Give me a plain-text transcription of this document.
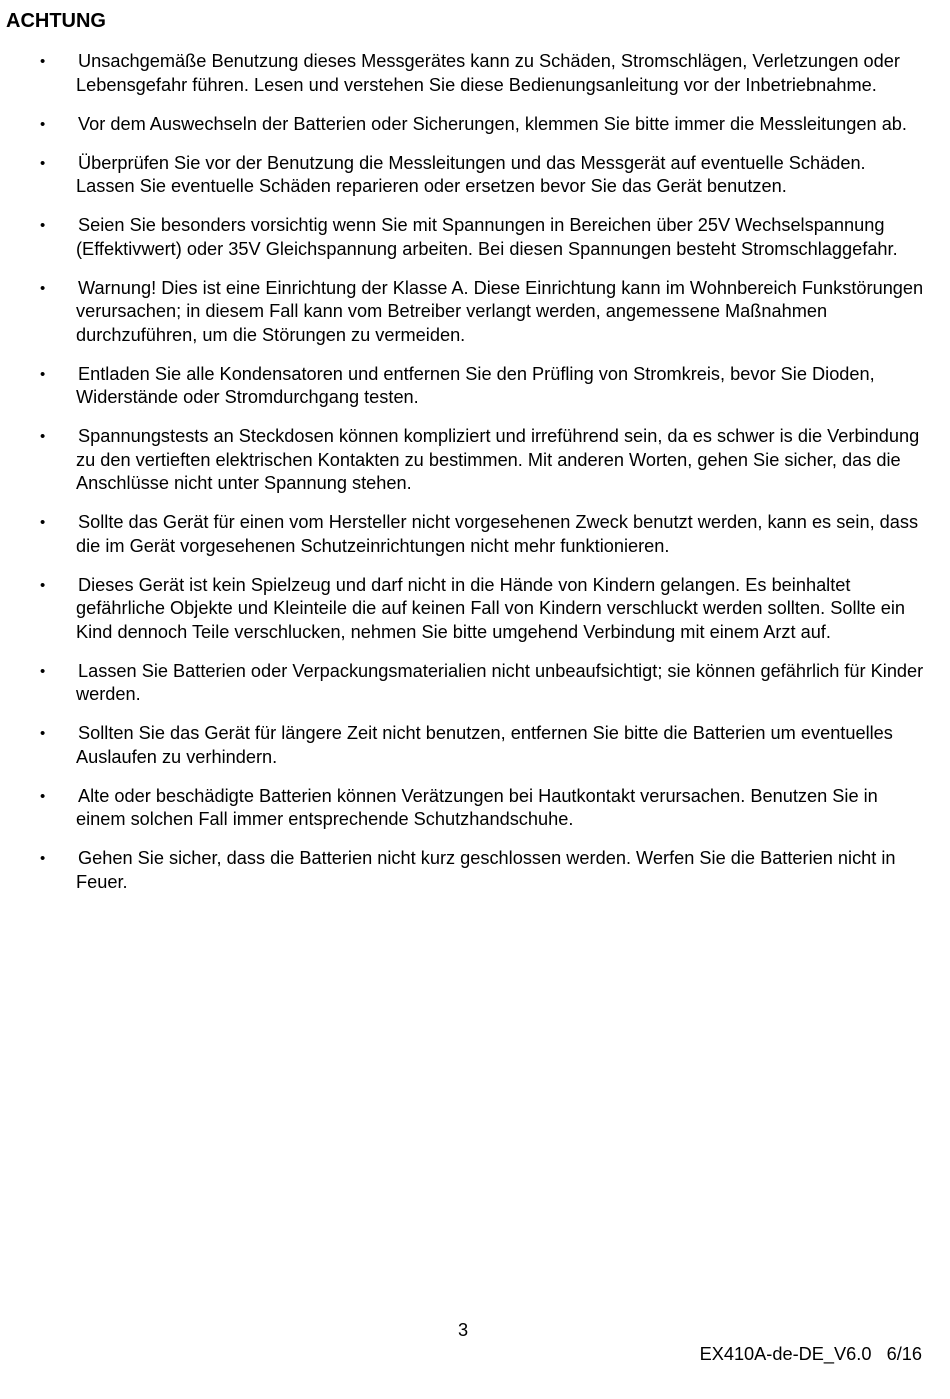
ACHTUNG
• Unsachgemäße Benutzung dieses Messgerätes kann zu Schäden, Stromschlägen, Verletzungen oder Lebensgefahr führen. Lesen und verstehen Sie diese Bedienungsanleitung vor der Inbetriebnahme.
• Vor dem Auswechseln der Batterien oder Sicherungen, klemmen Sie bitte immer die Messleitungen ab.
• Überprüfen Sie vor der Benutzung die Messleitungen und das Messgerät auf eventuelle Schäden. Lassen Sie eventuelle Schäden reparieren oder ersetzen bevor Sie das Gerät benutzen.
• Seien Sie besonders vorsichtig wenn Sie mit Spannungen in Bereichen über 25V Wechselspannung (Effektivwert) oder 35V Gleichspannung arbeiten. Bei diesen Spannungen besteht Stromschlaggefahr.
• Warnung! Dies ist eine Einrichtung der Klasse A. Diese Einrichtung kann im Wohnbereich Funkstörungen verursachen; in diesem Fall kann vom Betreiber verlangt werden, angemessene Maßnahmen durchzuführen, um die Störungen zu vermeiden.
• Entladen Sie alle Kondensatoren und entfernen Sie den Prüfling von Stromkreis, bevor Sie Dioden, Widerstände oder Stromdurchgang testen.
• Spannungstests an Steckdosen können kompliziert und irreführend sein, da es schwer is die Verbindung zu den vertieften elektrischen Kontakten zu bestimmen. Mit anderen Worten, gehen Sie sicher, das die Anschlüsse nicht unter Spannung stehen.
• Sollte das Gerät für einen vom Hersteller nicht vorgesehenen Zweck benutzt werden, kann es sein, dass die im Gerät vorgesehenen Schutzeinrichtungen nicht mehr funktionieren.
• Dieses Gerät ist kein Spielzeug und darf nicht in die Hände von Kindern gelangen. Es beinhaltet gefährliche Objekte und Kleinteile die auf keinen Fall von Kindern verschluckt werden sollten. Sollte ein Kind dennoch Teile verschlucken, nehmen Sie bitte umgehend Verbindung mit einem Arzt auf.
• Lassen Sie Batterien oder Verpackungsmaterialien nicht unbeaufsichtigt; sie können gefährlich für Kinder werden.
• Sollten Sie das Gerät für längere Zeit nicht benutzen, entfernen Sie bitte die Batterien um eventuelles Auslaufen zu verhindern.
• Alte oder beschädigte Batterien können Verätzungen bei Hautkontakt verursachen. Benutzen Sie in einem solchen Fall immer entsprechende Schutzhandschuhe.
• Gehen Sie sicher, dass die Batterien nicht kurz geschlossen werden. Werfen Sie die Batterien nicht in Feuer.
3
EX410A-de-DE_V6.0   6/16
